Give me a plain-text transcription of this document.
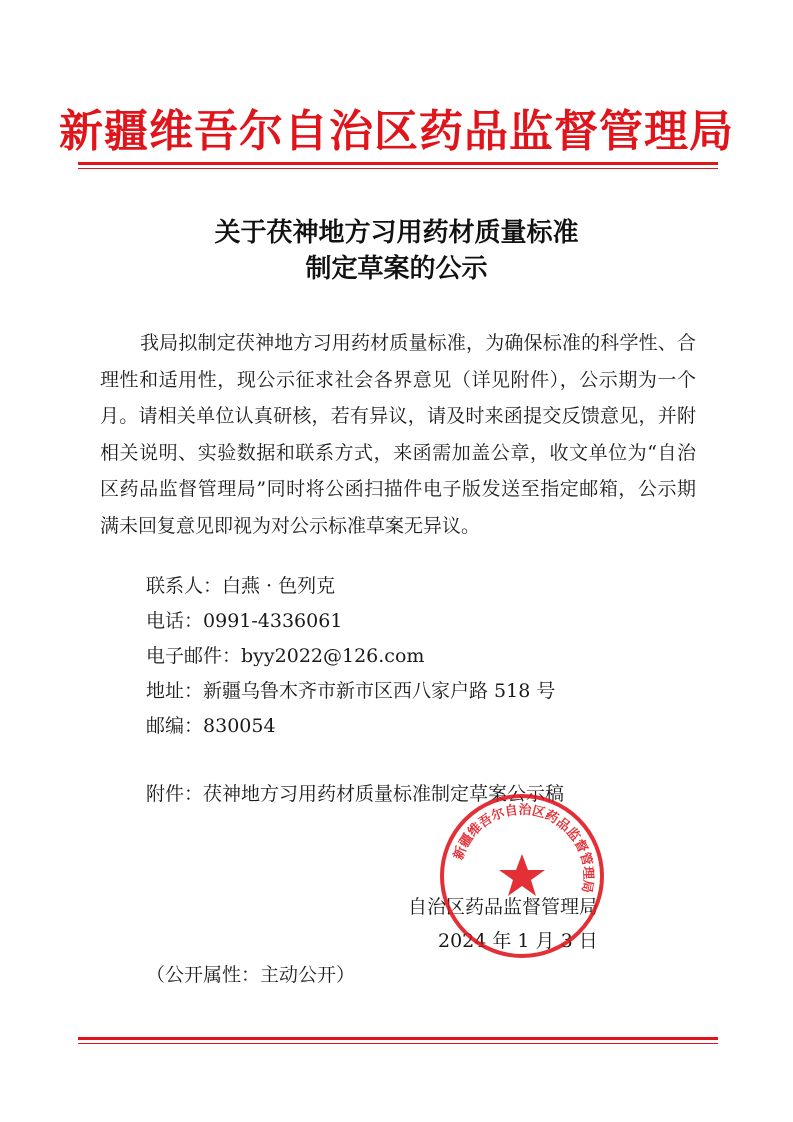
新疆维吾尔自治区药品监督管理局
关于茯神地方习用药材质量标准
制定草案的公示

我局拟制定茯神地方习用药材质量标准，为确保标准的科学性、合理性和适用性，现公示征求社会各界意见（详见附件），公示期为一个月。请相关单位认真研核，若有异议，请及时来函提交反馈意见，并附相关说明、实验数据和联系方式，来函需加盖公章，收文单位为“自治区药品监督管理局”同时将公函扫描件电子版发送至指定邮箱，公示期满未回复意见即视为对公示标准草案无异议。

联系人：白燕 · 色列克
电话：0991-4336061
电子邮件：byy2022@126.com
地址：新疆乌鲁木齐市新市区西八家户路 518 号
邮编：830054
附件：茯神地方习用药材质量标准制定草案公示稿
新疆维吾尔自治区药品监督管理局
自治区药品监督管理局
2024 年 1 月 3 日
（公开属性：主动公开）
